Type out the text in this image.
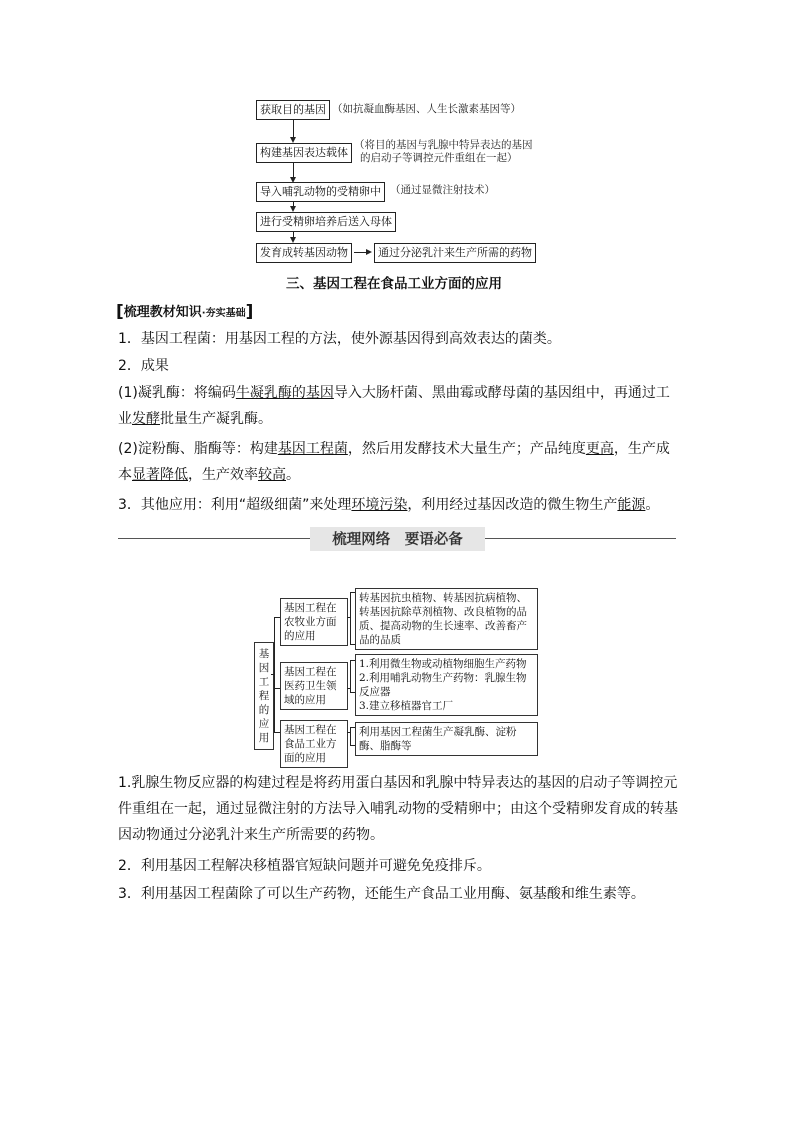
获取目的基因 （如抗凝血酶基因、人生长激素基因等）
构建基因表达载体
（将目的基因与乳腺中特异表达的基因
的启动子等调控元件重组在一起）
导入哺乳动物的受精卵中 （通过显微注射技术）
进行受精卵培养后送入母体
发育成转基因动物	通过分泌乳汁来生产所需的药物
三、基因工程在食品工业方面的应用
[梳理教材知识·夯实基础]
1．基因工程菌：用基因工程的方法，使外源基因得到高效表达的菌类。
2．成果
(1)凝乳酶：将编码牛凝乳酶的基因导入大肠杆菌、黑曲霉或酵母菌的基因组中，再通过工业发酵批量生产凝乳酶。
(2)淀粉酶、脂酶等：构建基因工程菌，然后用发酵技术大量生产；产品纯度更高，生产成本显著降低，生产效率较高。
3．其他应用：利用“超级细菌”来处理环境污染，利用经过基因改造的微生物生产能源。
梳理网络　要语必备
基因工程的应用
基因工程在农牧业方面的应用
基因工程在医药卫生领域的应用
基因工程在食品工业方面的应用
转基因抗虫植物、转基因抗病植物、转基因抗除草剂植物、改良植物的品质、提高动物的生长速率、改善畜产品的品质
1.利用微生物或动植物细胞生产药物
2.利用哺乳动物生产药物：乳腺生物反应器
3.建立移植器官工厂
利用基因工程菌生产凝乳酶、淀粉酶、脂酶等
1.乳腺生物反应器的构建过程是将药用蛋白基因和乳腺中特异表达的基因的启动子等调控元件重组在一起，通过显微注射的方法导入哺乳动物的受精卵中；由这个受精卵发育成的转基因动物通过分泌乳汁来生产所需要的药物。
2．利用基因工程解决移植器官短缺问题并可避免免疫排斥。
3．利用基因工程菌除了可以生产药物，还能生产食品工业用酶、氨基酸和维生素等。
